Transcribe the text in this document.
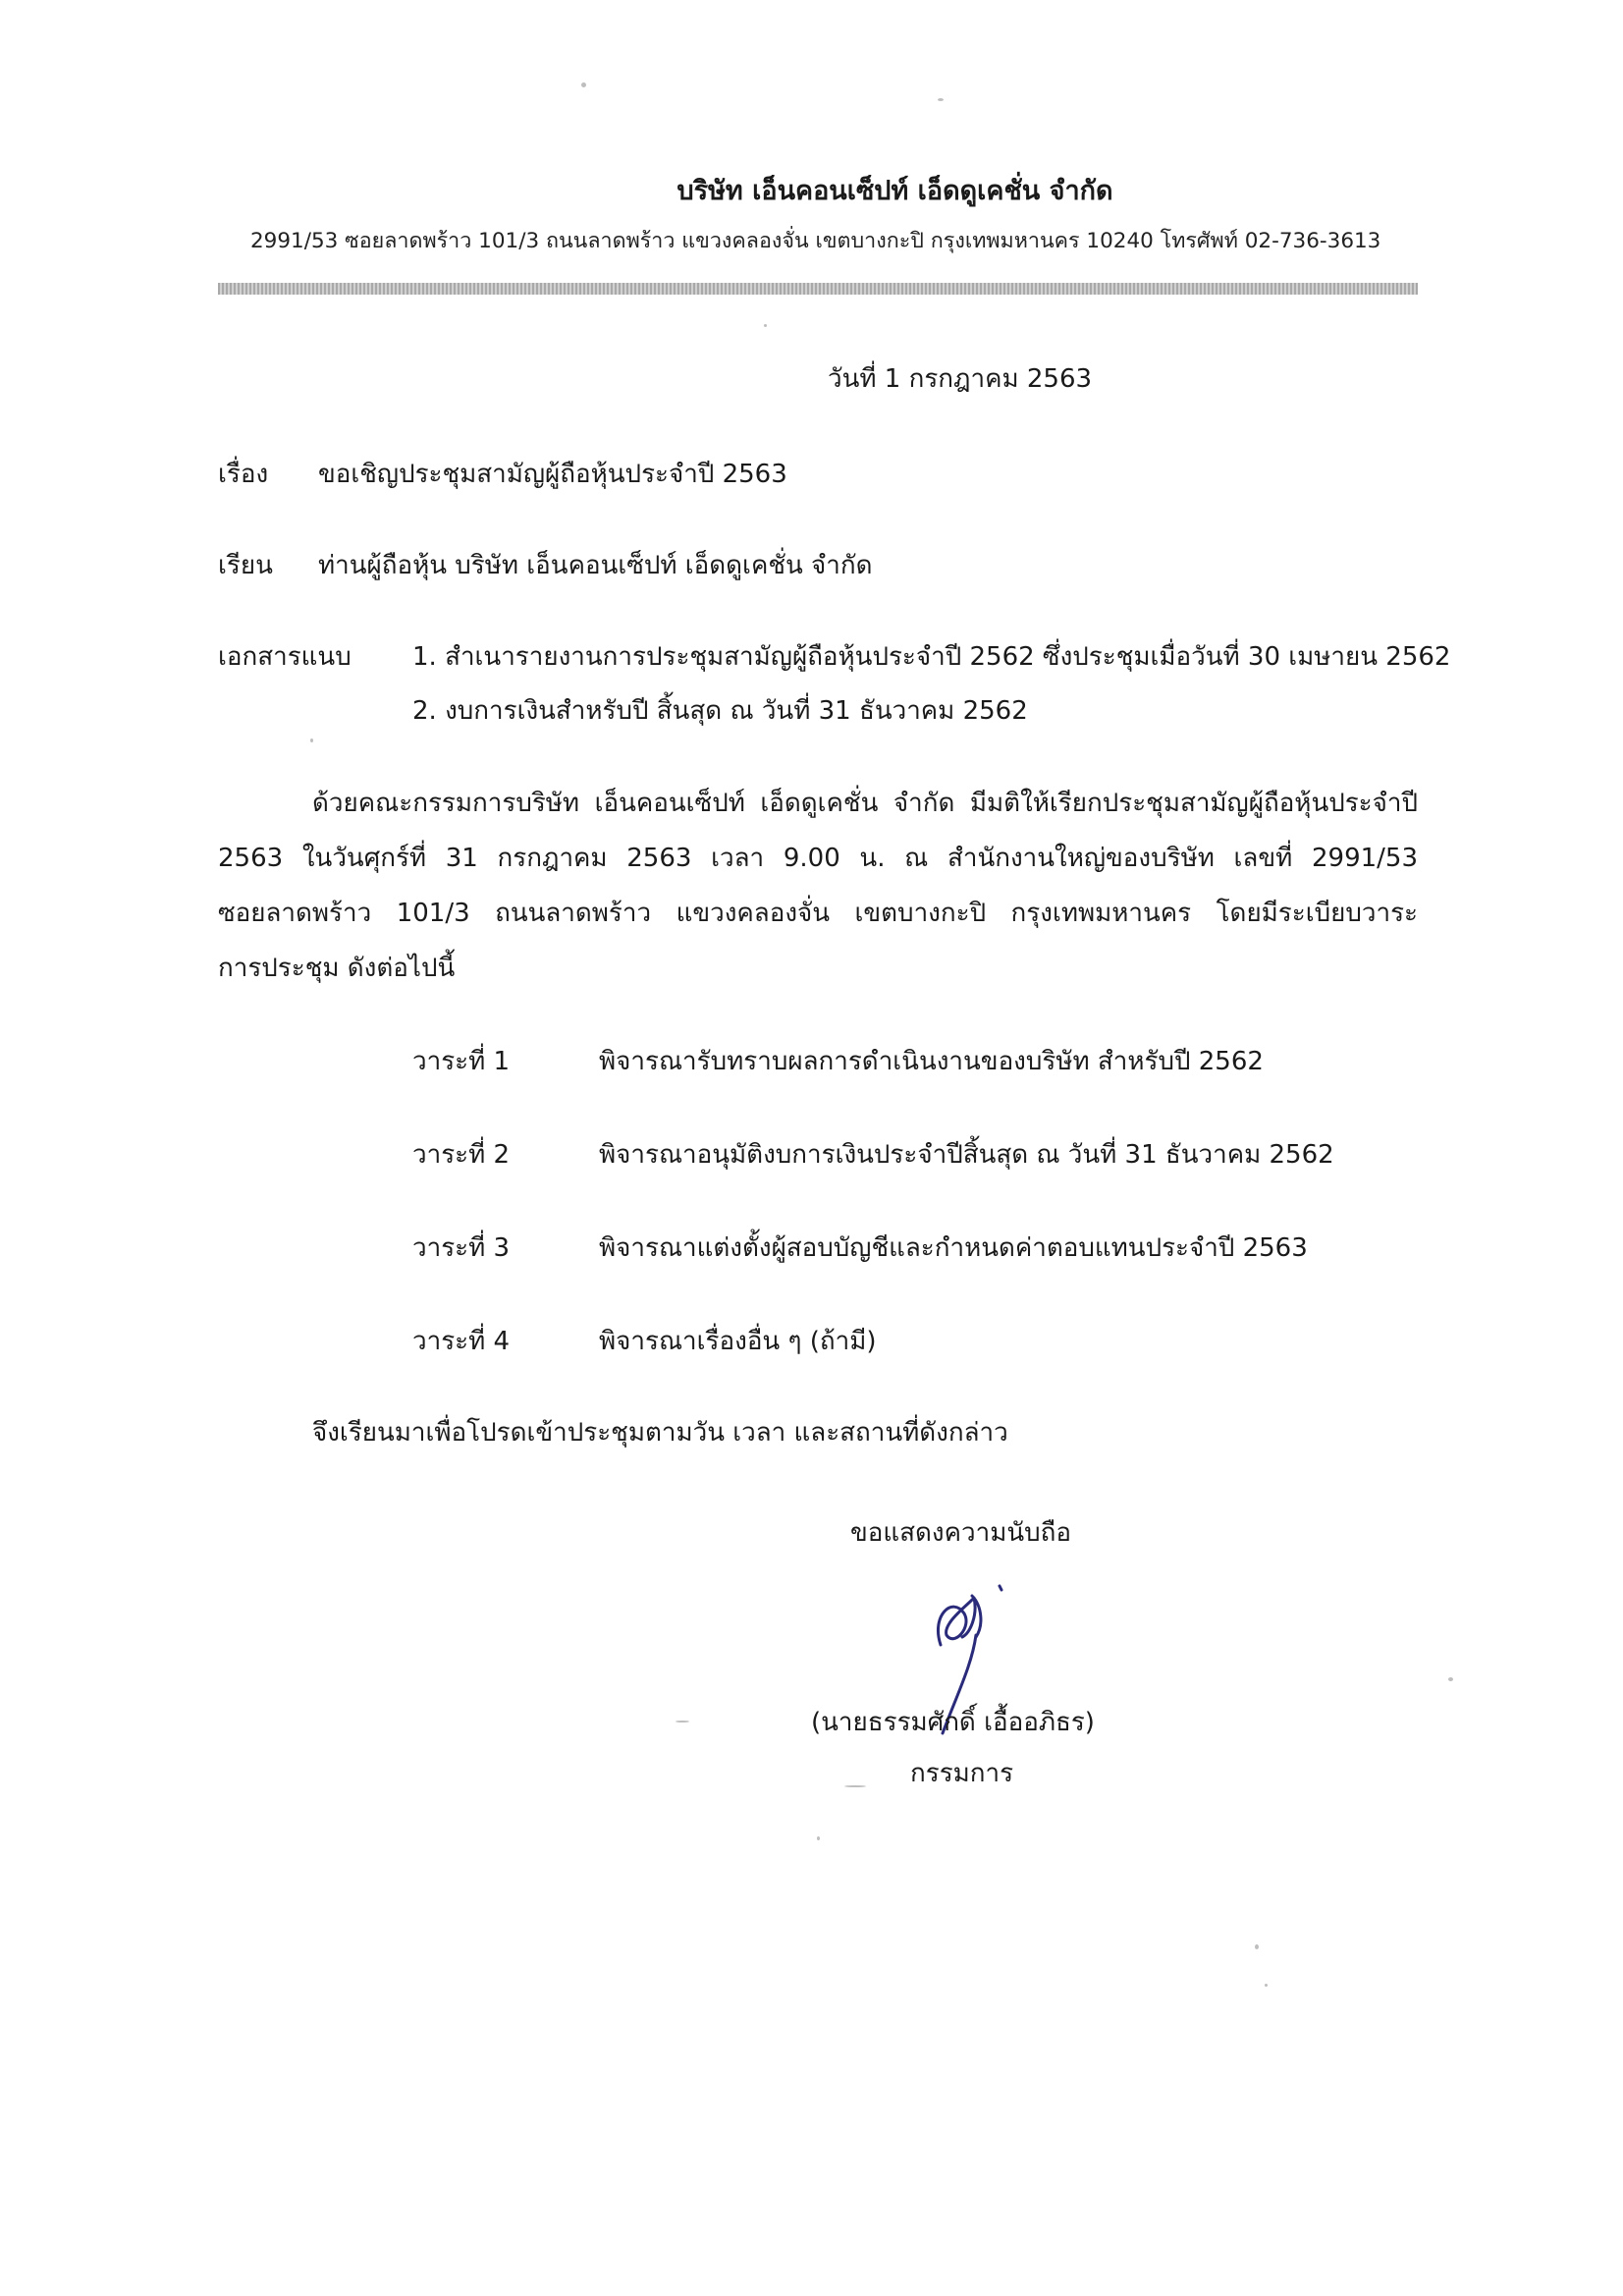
บริษัท เอ็นคอนเซ็ปท์ เอ็ดดูเคชั่น จำกัด
2991/53 ซอยลาดพร้าว 101/3 ถนนลาดพร้าว แขวงคลองจั่น เขตบางกะปิ กรุงเทพมหานคร 10240 โทรศัพท์ 02-736-3613
วันที่ 1 กรกฎาคม 2563
เรื่อง ขอเชิญประชุมสามัญผู้ถือหุ้นประจำปี 2563
เรียน ท่านผู้ถือหุ้น บริษัท เอ็นคอนเซ็ปท์ เอ็ดดูเคชั่น จำกัด
เอกสารแนบ 1. สำเนารายงานการประชุมสามัญผู้ถือหุ้นประจำปี 2562 ซึ่งประชุมเมื่อวันที่ 30 เมษายน 2562
2. งบการเงินสำหรับปี สิ้นสุด ณ วันที่ 31 ธันวาคม 2562
ด้วยคณะกรรมการบริษัท เอ็นคอนเซ็ปท์ เอ็ดดูเคชั่น จำกัด มีมติให้เรียกประชุมสามัญผู้ถือหุ้นประจำปี
2563 ในวันศุกร์ที่ 31 กรกฎาคม 2563 เวลา 9.00 น. ณ สำนักงานใหญ่ของบริษัท เลขที่ 2991/53
ซอยลาดพร้าว 101/3 ถนนลาดพร้าว แขวงคลองจั่น เขตบางกะปิ กรุงเทพมหานคร โดยมีระเบียบวาระ
การประชุม ดังต่อไปนี้
วาระที่ 1	พิจารณารับทราบผลการดำเนินงานของบริษัท สำหรับปี 2562
วาระที่ 2	พิจารณาอนุมัติงบการเงินประจำปีสิ้นสุด ณ วันที่ 31 ธันวาคม 2562
วาระที่ 3	พิจารณาแต่งตั้งผู้สอบบัญชีและกำหนดค่าตอบแทนประจำปี 2563
วาระที่ 4	พิจารณาเรื่องอื่น ๆ (ถ้ามี)
จึงเรียนมาเพื่อโปรดเข้าประชุมตามวัน เวลา และสถานที่ดังกล่าว
ขอแสดงความนับถือ
(นายธรรมศักดิ์ เอื้ออภิธร)
กรรมการ
